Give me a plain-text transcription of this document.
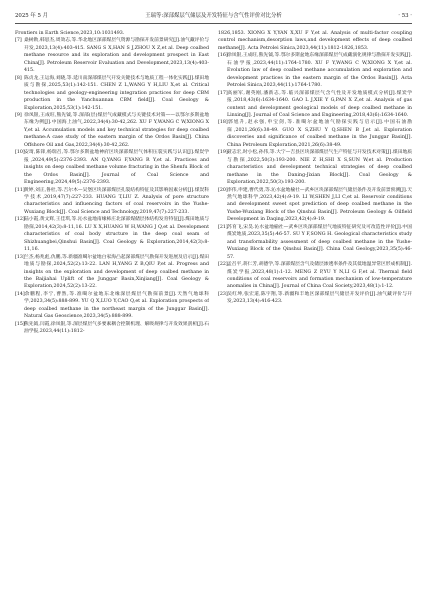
2025 年 5 月	王瑞等:深部煤层气储层及开发特征与含气性评价对比分析	· 53 ·

Frontiers in Earth Science,2023,10:1031493.

[7] 桑树勋,韩思杰,周效志,等.华北地区深部煤层气资源与勘探开发前景研究[J].油气藏评价与开发,2023,13(4):403-415. SANG S X,HAN S J,ZHOU X Z,et al. Deep coalbed methane resource and its exploration and development prospect in East China[J]. Petroleum Reservoir Evaluation and Development,2023,13(4):403-415.

[8] 陈贞龙,王运海,刘晓,等.延川南深部煤层气开发关键技术与地质工程一体化实践[J].煤田地质与勘探,2025,53(1):142-151. CHEN Z L,WANG Y H,LIU X,et al. Critical technologies and geology-engineering integration practices for deep CBM production in the Yanchuannan CBM field[J]. Coal Geology & Exploration,2025,53(1):142-151.

[9] 徐凤银,王成旺,熊先钺,等.深部(层)煤层气成藏模式与关键技术对策——以鄂尔多斯盆地东缘为例[J].中国海上油气,2022,34(4):30-42,262. XU F Y,WANG C W,XIONG X Y,et al. Accumulation models and key technical strategies for deep coalbed methane:A case study of the eastern margin of the Ordos Basin[J]. China Offshore Oil and Gas,2022,34(4):30-42,262.

[10]安琦,陈锋,杨瑞召,等.鄂尔多斯盆地神府区块深部煤层气体积压裂实践与认识[J].煤炭学报,2024,49(5):2376-2393. AN Q,YANG F,YANG R Y,et al. Practices and insights on deep coalbed methane volume fracturing in the Shenfu Block of the Ordos Basin[J]. Journal of Coal Science and Engineering,2024,49(5):2376-2393.

[11]黄婷,刘正,鲁杜,等.吉尔木—吴堡区块深部煤层孔裂结构特征及其影响因素分析[J].煤炭科学技术,2019,47(7):227-233. HUANG T,LIU Z. Analysis of pore structure characteristics and influencing factors of coal reservoirs in the Yushe-Wuxiang Block[J]. Coal Science and Technology,2019,47(7):227-233.

[12]陆小霞,黄文辉,王佳琪,等.沁水盆地南缘柿庄北深部煤储层体结构发育特征[J].煤田地质与勘探,2014,42(3):8-11,16. LU X X,HUANG W H,WANG J Q,et al. Development characteristics of coal body structure in the deep coal seam of Shizhuangbei,Qinshui Basin[J]. Coal Geology & Exploration,2014,42(3):8-11,16.

[13]兰杰,杨兆彪,仇鹏,等.新疆准噶尔盆地白家海凸起深部煤层气勘探开发进展及启示[J].煤田地质与勘探,2024,52(2):13-22. LAN H,YANG Z B,QIU P,et al. Progress and insights on the exploration and development of deep coalbed methane in the Baijiahai Uplift of the Junggar Basin,Xinjiang[J]. Coal Geology & Exploration,2024,52(2):13-22.

[14]余鹏程,李宁,曹然,等.准噶尔盆地东北缘深层煤层气勘探前景[J].天然气地球科学,2023,34(5):888-899. YU Q X,LUO Y,CAO Q,et al. Exploration prospects of deep coalbed methane in the northeast margin of the Junggar Basin[J]. Natural Gas Geoscience,2023,34(5):888-899.

[15]熊先钺,闫霞,徐凤银,等.深层煤层气多要素耦合控制机理、解吸规律与开发效果剖析[J].石油学报,2023,44(11):1812-

1826,1853. XIONG X Y,YAN X,XU F Y,et al. Analysis of multi-factor coupling control mechanism,desorption laws,and development effects of deep coalbed methane[J]. Acta Petrolei Sinica,2023,44(11):1812-1826,1853.

[16]徐凤银,王成旺,熊先钺,等.鄂尔多斯盆地东缘深部煤层气成藏演化规律与勘探开发实践[J].石油学报,2023,44(11):1764-1780. XU F Y,WANG C W,XIONG X Y,et al. Evolution law of deep coalbed methane accumulation and exploration and development practices in the eastern margin of the Ordos Basin[J]. Acta Petrolei Sinica,2023,44(11):1764-1780.

[17]高丽军,谢英刚,潘新志,等.临兴深部煤层气含气性及开发地质模式分析[J].煤炭学报,2018,43(6):1634-1640. GAO L J,XIE Y G,PAN X Z,et al. Analysis of gas content and development geological models of deep coalbed methane in Linxing[J]. Journal of Coal Science and Engineering,2018,43(6):1634-1640.

[18]郭旭升,赵永强,申宝剑,等.准噶尔盆地油气勘探实践与启示[J].中国石油勘探,2021,26(6):38-49. GUO X S,ZHU Y Q,SHEN B J,et al. Exploration discoveries and significance of coalbed methane in the Junggar Basin[J]. China Petroleum Exploration,2021,26(6):38-49.

[19]聂志宏,时小松,孙伟,等.大宁—吉县区块深部煤层气生产特征与开发技术对策[J].煤田地质与勘探,2022,50(3):193-200. NIE Z H,SHI X S,SUN W,et al. Production characteristics and development technical strategies of deep coalbed methane in the Daning-Jixian Block[J]. Coal Geology & Exploration,2022,50(3):193-200.

[20]李伟,申建,曹代勇,等.沁水盆地榆社—武乡区块深部煤层气储层条件及开发前景预测[J].天然气地球科学,2023,42(4):9-19. LI W,SHEN J,LI C,et al. Reservoir conditions and development sweet spot prediction of deep coalbed methane in the Yushe-Wuxiang Block of the Qinshui Basin[J]. Petroleum Geology & Oilfield Development in Daqing,2023,42(4):9-19.

[21]苏育飞,宋昊.沁水盆地榆社—武乡区块深部煤层气地质特征研究及可改造性评价[J].中国煤炭地质,2023,35(5):46-57. SU Y F,SONG H. Geological characteristics study and transformability assessment of deep coalbed methane in the Yushe-Wuxiang Block of the Qinshui Basin[J]. China Coal Geology,2023,35(5):46-57.

[22]孟召平,蒋仁芳,胡德学,等.深部煤层含气及储层渗透率条件及其低地温异常区形成机制[J].煤炭学报,2023,48(1):1-12. MENG Z P,YU Y N,LI G F,et al. Thermal field conditions of coal reservoirs and formation mechanism of low-temperature anomalies in China[J]. Journal of China Coal Society,2023,48(1):1-12.

[23]吴红坤,张宏道,陈宇翔,等.新疆和丰地区深部煤层气储层开发评价[J].油气藏评价与开发,2023,13(4):416-423.
